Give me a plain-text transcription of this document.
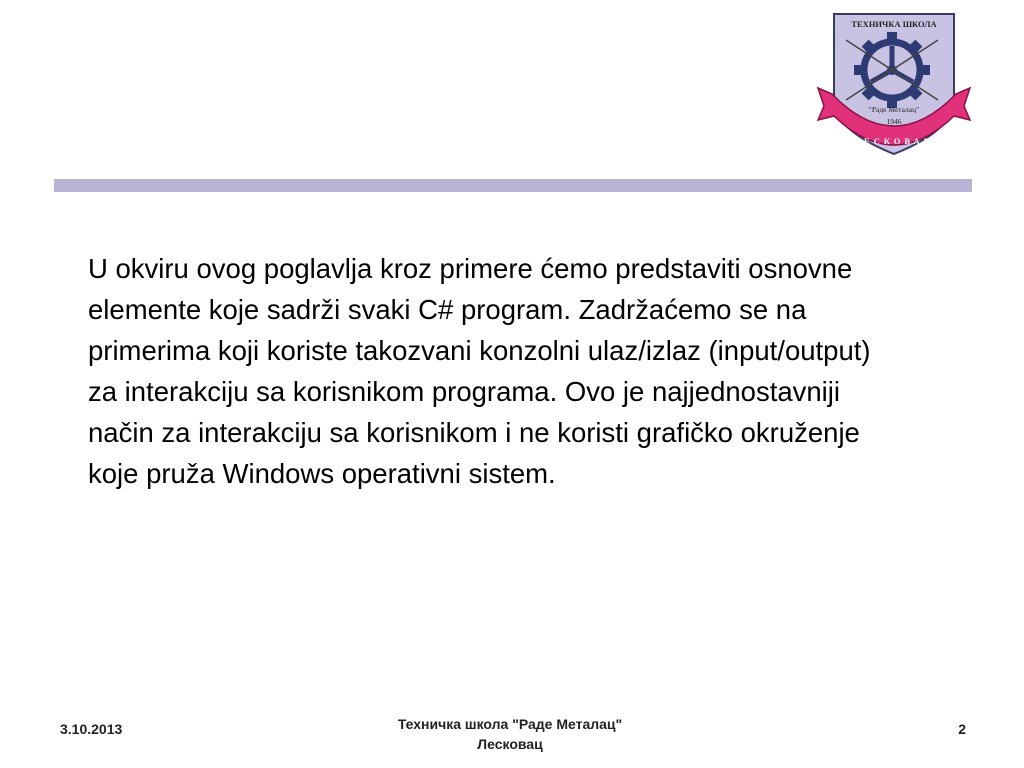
ТЕХНИЧКА ШКОЛА
"Раде Металац"
1946
ЛЕСКОВАЦ

U okviru ovog poglavlja kroz primere ćemo predstaviti osnovne elemente koje sadrži svaki C# program. Zadržaćemo se na primerima koji koriste takozvani konzolni ulaz/izlaz (input/output) za interakciju sa korisnikom programa. Ovo je najjednostavniji način za interakciju sa korisnikom i ne koristi grafičko okruženje koje pruža Windows operativni sistem.

3.10.2013	Техничка школа "Раде Металац"
Лесковац
2
